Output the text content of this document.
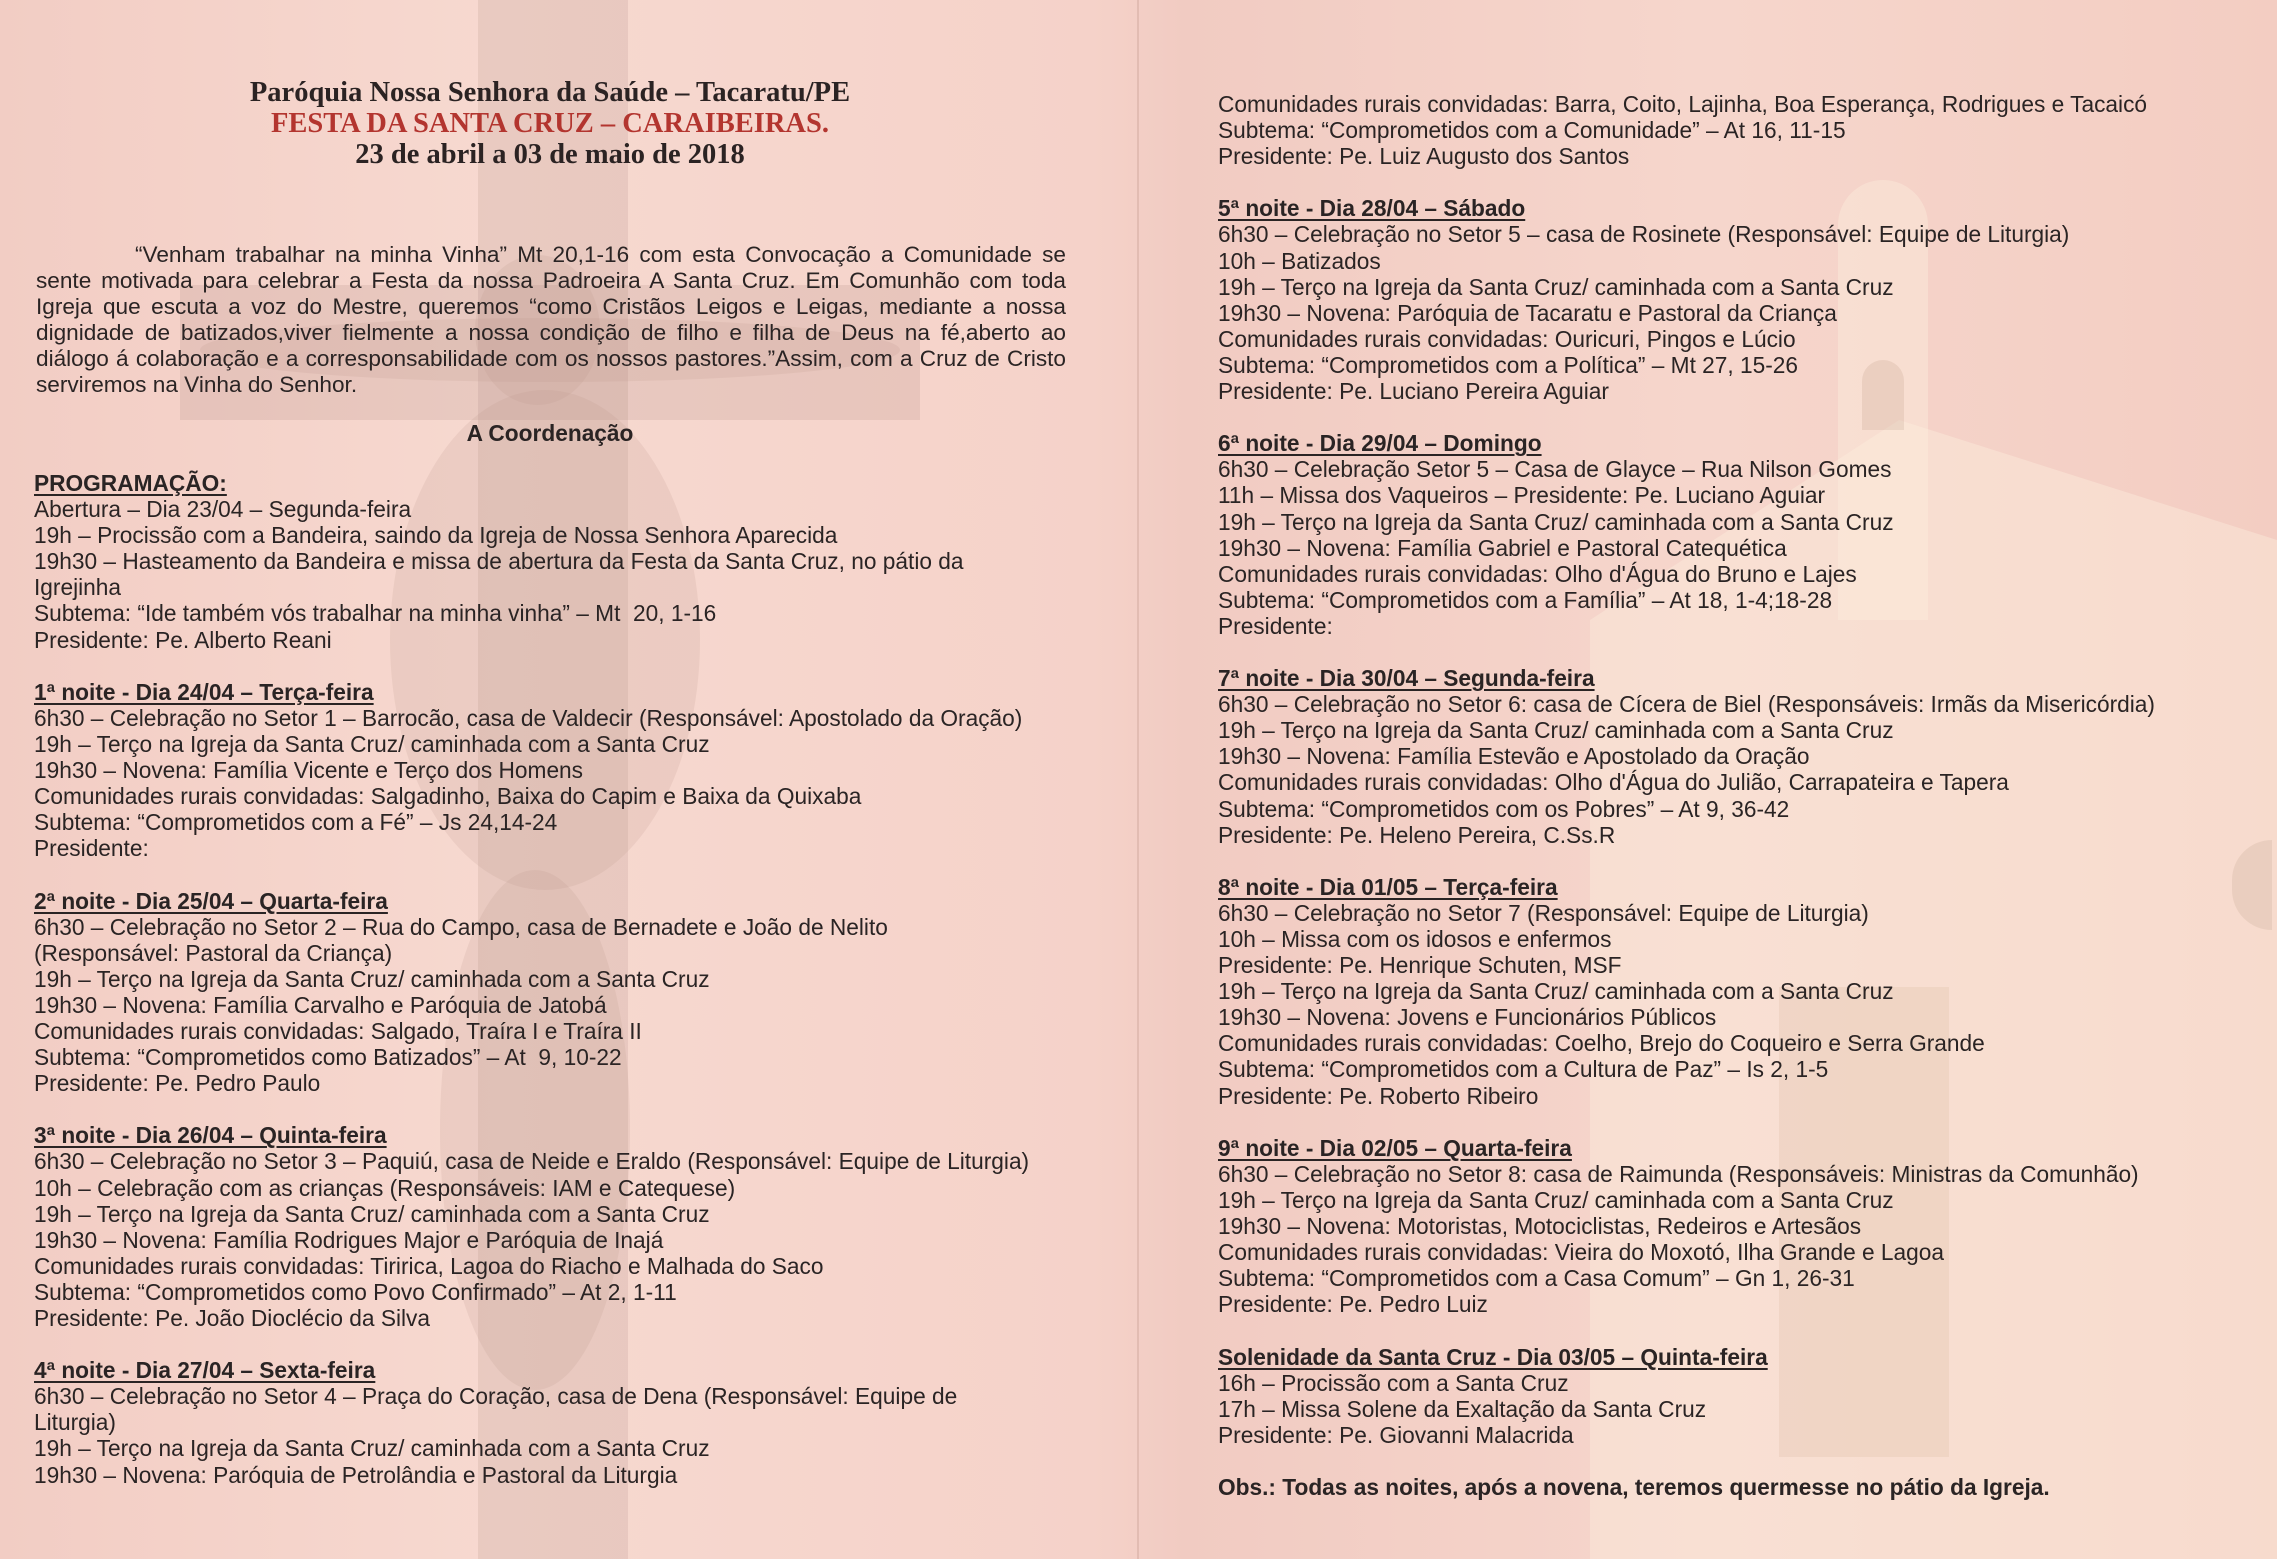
Paróquia Nossa Senhora da Saúde – Tacaratu/PE
FESTA DA SANTA CRUZ – CARAIBEIRAS.
23 de abril a 03 de maio de 2018
“Venham trabalhar na minha Vinha” Mt 20,1-16 com esta Convocação a Comunidade se
sente motivada para celebrar a Festa da nossa Padroeira A Santa Cruz. Em Comunhão com toda
Igreja que escuta a voz do Mestre, queremos “como Cristãos Leigos e Leigas, mediante a nossa
dignidade de batizados,viver fielmente a nossa condição de filho e filha de Deus na fé,aberto ao
diálogo á colaboração e a corresponsabilidade com os nossos pastores.”Assim, com a Cruz de Cristo
serviremos na Vinha do Senhor.
A Coordenação
PROGRAMAÇÃO:
Abertura – Dia 23/04 – Segunda-feira
19h – Procissão com a Bandeira, saindo da Igreja de Nossa Senhora Aparecida
19h30 – Hasteamento da Bandeira e missa de abertura da Festa da Santa Cruz, no pátio da
Igrejinha
Subtema: “Ide também vós trabalhar na minha vinha” – Mt  20, 1-16
Presidente: Pe. Alberto Reani
1ª noite - Dia 24/04 – Terça-feira
6h30 – Celebração no Setor 1 – Barrocão, casa de Valdecir (Responsável: Apostolado da Oração)
19h – Terço na Igreja da Santa Cruz/ caminhada com a Santa Cruz
19h30 – Novena: Família Vicente e Terço dos Homens
Comunidades rurais convidadas: Salgadinho, Baixa do Capim e Baixa da Quixaba
Subtema: “Comprometidos com a Fé” – Js 24,14-24
Presidente:
2ª noite - Dia 25/04 – Quarta-feira
6h30 – Celebração no Setor 2 – Rua do Campo, casa de Bernadete e João de Nelito
(Responsável: Pastoral da Criança)
19h – Terço na Igreja da Santa Cruz/ caminhada com a Santa Cruz
19h30 – Novena: Família Carvalho e Paróquia de Jatobá
Comunidades rurais convidadas: Salgado, Traíra I e Traíra II
Subtema: “Comprometidos como Batizados” – At  9, 10-22
Presidente: Pe. Pedro Paulo
3ª noite - Dia 26/04 – Quinta-feira
6h30 – Celebração no Setor 3 – Paquiú, casa de Neide e Eraldo (Responsável: Equipe de Liturgia)
10h – Celebração com as crianças (Responsáveis: IAM e Catequese)
19h – Terço na Igreja da Santa Cruz/ caminhada com a Santa Cruz
19h30 – Novena: Família Rodrigues Major e Paróquia de Inajá
Comunidades rurais convidadas: Tiririca, Lagoa do Riacho e Malhada do Saco
Subtema: “Comprometidos como Povo Confirmado” – At 2, 1-11
Presidente: Pe. João Dioclécio da Silva
4ª noite - Dia 27/04 – Sexta-feira
6h30 – Celebração no Setor 4 – Praça do Coração, casa de Dena (Responsável: Equipe de
Liturgia)
19h – Terço na Igreja da Santa Cruz/ caminhada com a Santa Cruz
19h30 – Novena: Paróquia de Petrolândia e Pastoral da Liturgia
Comunidades rurais convidadas: Barra, Coito, Lajinha, Boa Esperança, Rodrigues e Tacaicó
Subtema: “Comprometidos com a Comunidade” – At 16, 11-15
Presidente: Pe. Luiz Augusto dos Santos
5ª noite - Dia 28/04 – Sábado
6h30 – Celebração no Setor 5 – casa de Rosinete (Responsável: Equipe de Liturgia)
10h – Batizados
19h – Terço na Igreja da Santa Cruz/ caminhada com a Santa Cruz
19h30 – Novena: Paróquia de Tacaratu e Pastoral da Criança
Comunidades rurais convidadas: Ouricuri, Pingos e Lúcio
Subtema: “Comprometidos com a Política” – Mt 27, 15-26
Presidente: Pe. Luciano Pereira Aguiar
6ª noite - Dia 29/04 – Domingo
6h30 – Celebração Setor 5 – Casa de Glayce – Rua Nilson Gomes
11h – Missa dos Vaqueiros – Presidente: Pe. Luciano Aguiar
19h – Terço na Igreja da Santa Cruz/ caminhada com a Santa Cruz
19h30 – Novena: Família Gabriel e Pastoral Catequética
Comunidades rurais convidadas: Olho d'Água do Bruno e Lajes
Subtema: “Comprometidos com a Família” – At 18, 1-4;18-28
Presidente:
7ª noite - Dia 30/04 – Segunda-feira
6h30 – Celebração no Setor 6: casa de Cícera de Biel (Responsáveis: Irmãs da Misericórdia)
19h – Terço na Igreja da Santa Cruz/ caminhada com a Santa Cruz
19h30 – Novena: Família Estevão e Apostolado da Oração
Comunidades rurais convidadas: Olho d'Água do Julião, Carrapateira e Tapera
Subtema: “Comprometidos com os Pobres” – At 9, 36-42
Presidente: Pe. Heleno Pereira, C.Ss.R
8ª noite - Dia 01/05 – Terça-feira
6h30 – Celebração no Setor 7 (Responsável: Equipe de Liturgia)
10h – Missa com os idosos e enfermos
Presidente: Pe. Henrique Schuten, MSF
19h – Terço na Igreja da Santa Cruz/ caminhada com a Santa Cruz
19h30 – Novena: Jovens e Funcionários Públicos
Comunidades rurais convidadas: Coelho, Brejo do Coqueiro e Serra Grande
Subtema: “Comprometidos com a Cultura de Paz” – Is 2, 1-5
Presidente: Pe. Roberto Ribeiro
9ª noite - Dia 02/05 – Quarta-feira
6h30 – Celebração no Setor 8: casa de Raimunda (Responsáveis: Ministras da Comunhão)
19h – Terço na Igreja da Santa Cruz/ caminhada com a Santa Cruz
19h30 – Novena: Motoristas, Motociclistas, Redeiros e Artesãos
Comunidades rurais convidadas: Vieira do Moxotó, Ilha Grande e Lagoa
Subtema: “Comprometidos com a Casa Comum” – Gn 1, 26-31
Presidente: Pe. Pedro Luiz
Solenidade da Santa Cruz - Dia 03/05 – Quinta-feira
16h – Procissão com a Santa Cruz
17h – Missa Solene da Exaltação da Santa Cruz
Presidente: Pe. Giovanni Malacrida
Obs.: Todas as noites, após a novena, teremos quermesse no pátio da Igreja.
